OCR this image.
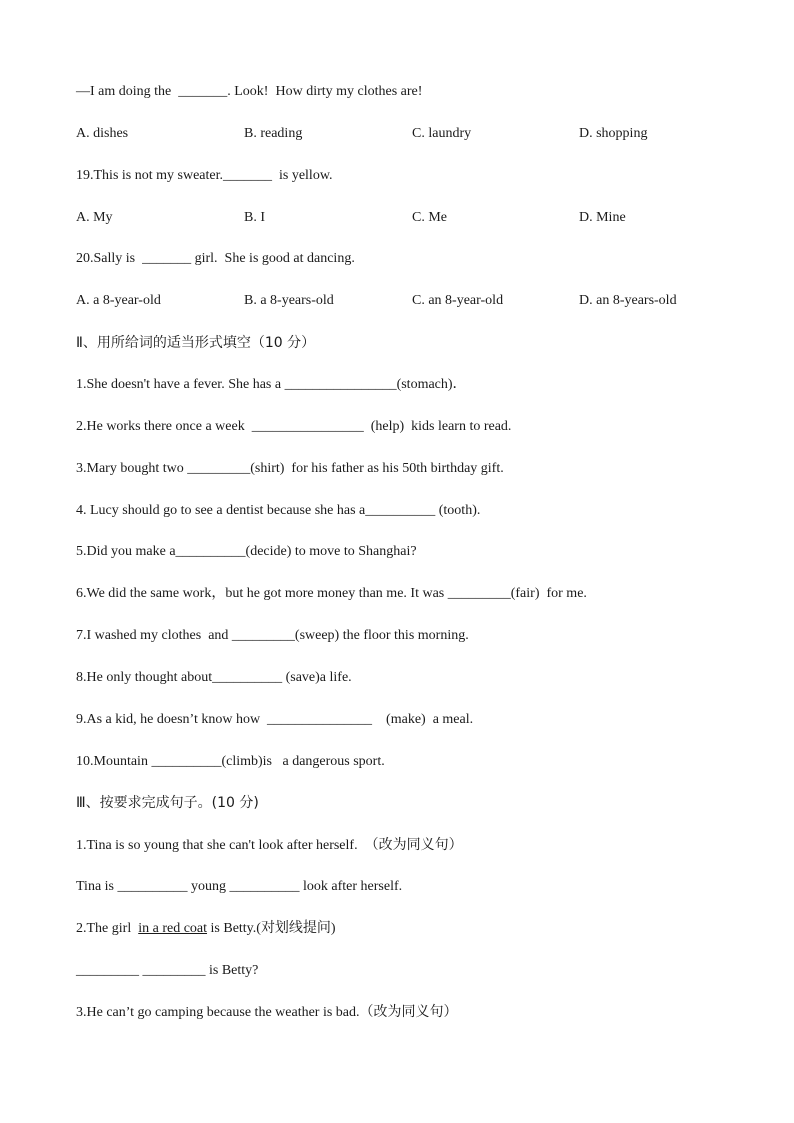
—I am doing the  _______. Look!  How dirty my clothes are!
A. dishes	B. reading	C. laundry	D. shopping
19.This is not my sweater._______  is yellow.
A. My	B. I	C. Me	D. Mine
20.Sally is  _______ girl.  She is good at dancing.
A. a 8-year-old	B. a 8-years-old	C. an 8-year-old	D. an 8-years-old
Ⅱ、用所给词的适当形式填空（10 分）
1.She doesn't have a fever. She has a ________________(stomach)．
2.He works there once a week  ________________  (help)  kids learn to read.
3.Mary bought two _________(shirt)  for his father as his 50th birthday gift.
4. Lucy should go to see a dentist because she has a__________ (tooth).
5.Did you make a__________(decide) to move to Shanghai?
6.We did the same work，but he got more money than me. It was _________(fair)  for me.
7.I washed my clothes  and _________(sweep) the floor this morning.
8.He only thought about__________ (save)a life.
9.As a kid, he doesn’t know how  _______________    (make)  a meal.
10.Mountain __________(climb)is   a dangerous sport.
Ⅲ、按要求完成句子。(10 分)
1.Tina is so young that she can't look after herself.  （改为同义句）
Tina is __________ young __________ look after herself.
2.The girl  in a red coat is Betty.(对划线提问)
_________ _________ is Betty?
3.He can’t go camping because the weather is bad.（改为同义句）
